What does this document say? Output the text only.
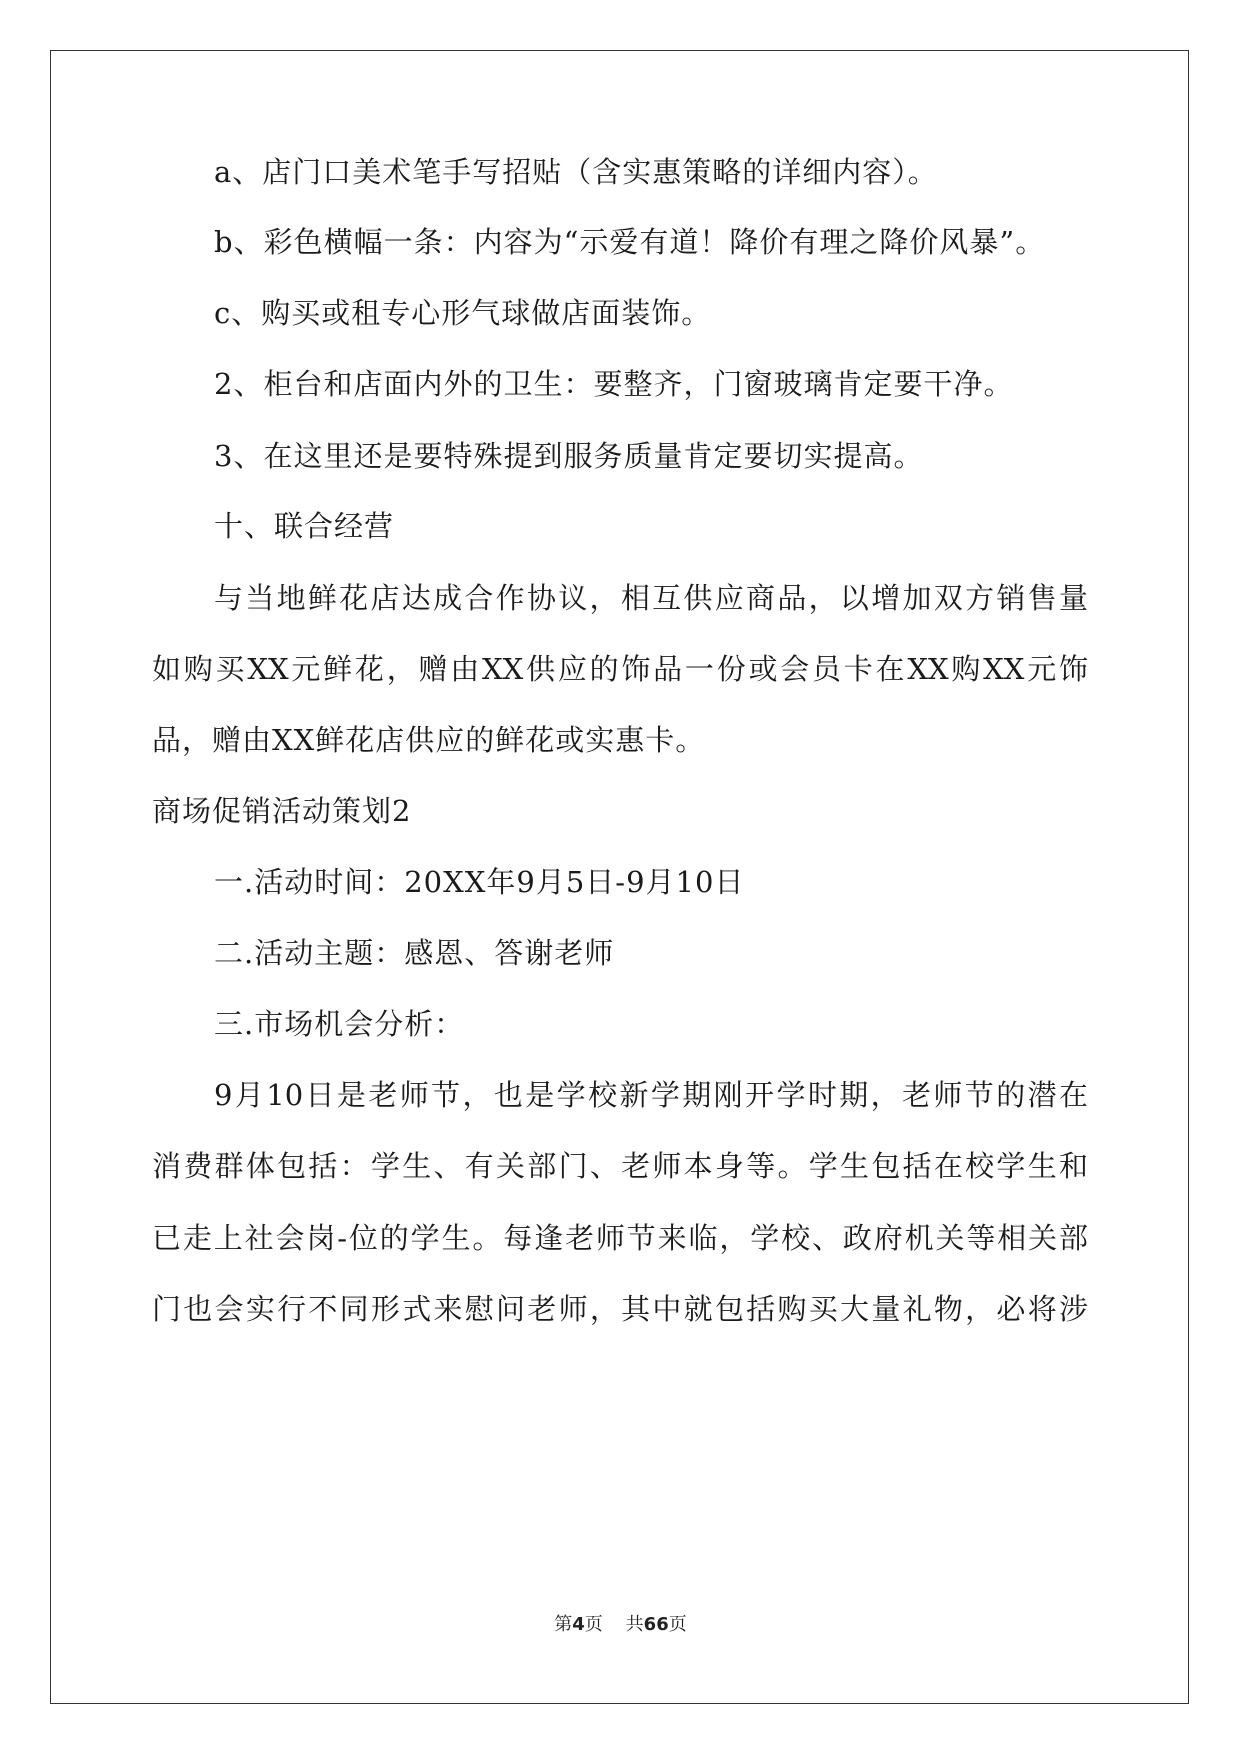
a、店门口美术笔手写招贴（含实惠策略的详细内容）。
b、彩色横幅一条：内容为“示爱有道！降价有理之降价风暴”。
c、购买或租专心形气球做店面装饰。
2、柜台和店面内外的卫生：要整齐，门窗玻璃肯定要干净。
3、在这里还是要特殊提到服务质量肯定要切实提高。
十、联合经营
与当地鲜花店达成合作协议，相互供应商品，以增加双方销售量
如购买XX元鲜花，赠由XX供应的饰品一份或会员卡在XX购XX元饰
品，赠由XX鲜花店供应的鲜花或实惠卡。
商场促销活动策划2
一.活动时间：20XX年9月5日-9月10日
二.活动主题：感恩、答谢老师
三.市场机会分析：
9月10日是老师节，也是学校新学期刚开学时期，老师节的潜在
消费群体包括：学生、有关部门、老师本身等。学生包括在校学生和
已走上社会岗-位的学生。每逢老师节来临，学校、政府机关等相关部
门也会实行不同形式来慰问老师，其中就包括购买大量礼物，必将涉
第4页    共66页
